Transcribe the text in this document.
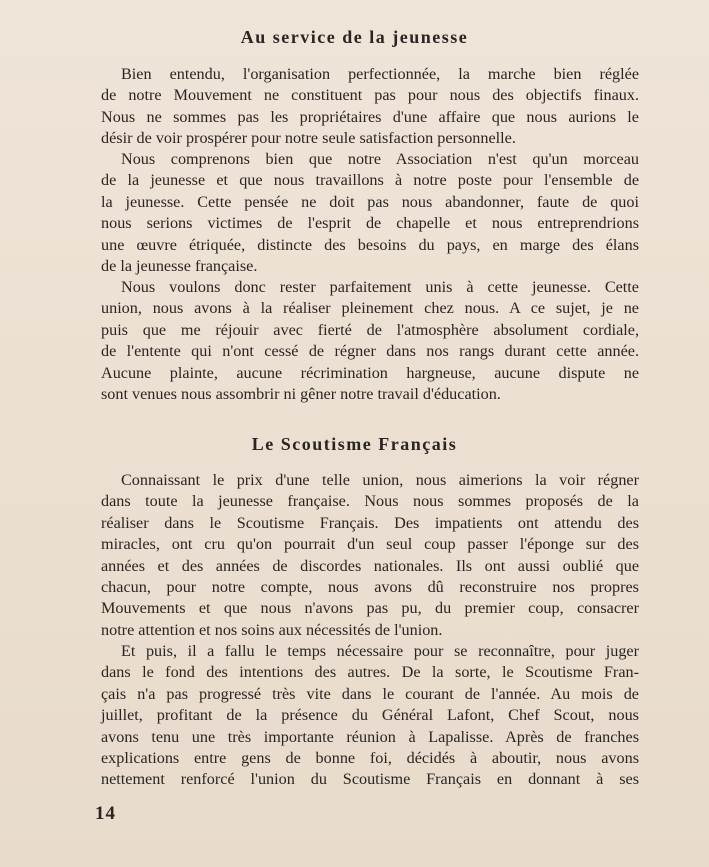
Au service de la jeunesse

Bien entendu, l'organisation perfectionnée, la marche bien réglée
de notre Mouvement ne constituent pas pour nous des objectifs finaux.
Nous ne sommes pas les propriétaires d'une affaire que nous aurions le
désir de voir prospérer pour notre seule satisfaction personnelle.

Nous comprenons bien que notre Association n'est qu'un morceau
de la jeunesse et que nous travaillons à notre poste pour l'ensemble de
la jeunesse. Cette pensée ne doit pas nous abandonner, faute de quoi
nous serions victimes de l'esprit de chapelle et nous entreprendrions
une œuvre étriquée, distincte des besoins du pays, en marge des élans
de la jeunesse française.

Nous voulons donc rester parfaitement unis à cette jeunesse. Cette
union, nous avons à la réaliser pleinement chez nous. A ce sujet, je ne
puis que me réjouir avec fierté de l'atmosphère absolument cordiale,
de l'entente qui n'ont cessé de régner dans nos rangs durant cette année.
Aucune plainte, aucune récrimination hargneuse, aucune dispute ne
sont venues nous assombrir ni gêner notre travail d'éducation.

Le Scoutisme Français

Connaissant le prix d'une telle union, nous aimerions la voir régner
dans toute la jeunesse française. Nous nous sommes proposés de la
réaliser dans le Scoutisme Français. Des impatients ont attendu des
miracles, ont cru qu'on pourrait d'un seul coup passer l'éponge sur des
années et des années de discordes nationales. Ils ont aussi oublié que
chacun, pour notre compte, nous avons dû reconstruire nos propres
Mouvements et que nous n'avons pas pu, du premier coup, consacrer
notre attention et nos soins aux nécessités de l'union.

Et puis, il a fallu le temps nécessaire pour se reconnaître, pour juger
dans le fond des intentions des autres. De la sorte, le Scoutisme Fran-
çais n'a pas progressé très vite dans le courant de l'année. Au mois de
juillet, profitant de la présence du Général Lafont, Chef Scout, nous
avons tenu une très importante réunion à Lapalisse. Après de franches
explications entre gens de bonne foi, décidés à aboutir, nous avons
nettement renforcé l'union du Scoutisme Français en donnant à ses

14
